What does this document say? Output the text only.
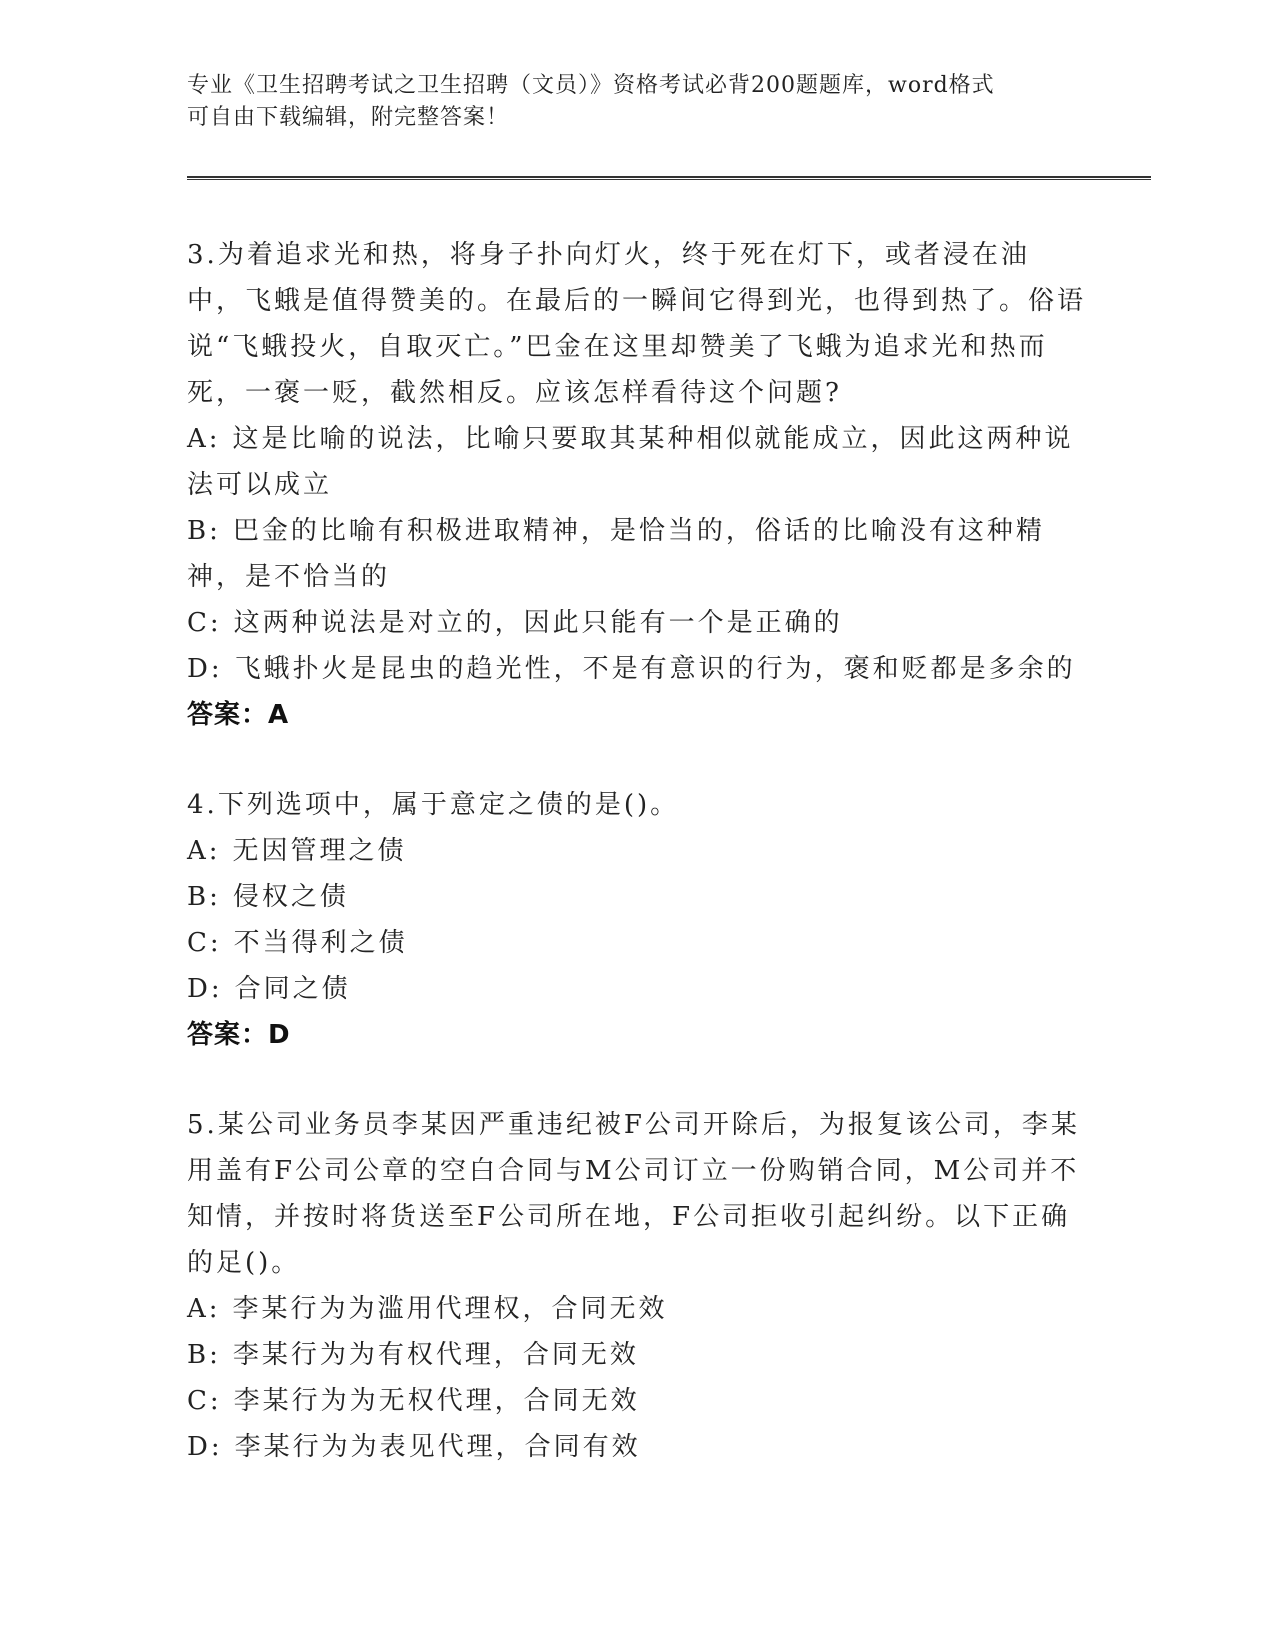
专业《卫生招聘考试之卫生招聘（文员）》资格考试必背200题题库，word格式
可自由下载编辑，附完整答案！
3 . 为着追求光和热，将身子扑向灯火，终于死在灯下，或者浸在油中，飞蛾是值得赞美的。在最后的一瞬间它得到光，也得到热了。俗语说“飞蛾投火，自取灭亡。”巴金在这里却赞美了飞蛾为追求光和热而死，一褒一贬，截然相反。应该怎样看待这个问题?
A : 这是比喻的说法，比喻只要取其某种相似就能成立，因此这两种说法可以成立
B : 巴金的比喻有积极进取精神，是恰当的，俗话的比喻没有这种精神，是不恰当的
C : 这两种说法是对立的，因此只能有一个是正确的
D : 飞蛾扑火是昆虫的趋光性，不是有意识的行为，褒和贬都是多余的
答案 ： A
4 . 下列选项中，属于意定之债的是()。
A : 无因管理之债
B : 侵权之债
C : 不当得利之债
D : 合同之债
答案 ： D
5 . 某公司业务员李某因严重违纪被F公司开除后，为报复该公司，李某用盖有F公司公章的空白合同与M公司订立一份购销合同，M公司并不知情，并按时将货送至F公司所在地，F公司拒收引起纠纷。以下正确的足()。
A : 李某行为为滥用代理权，合同无效
B : 李某行为为有权代理，合同无效
C : 李某行为为无权代理，合同无效
D : 李某行为为表见代理，合同有效
